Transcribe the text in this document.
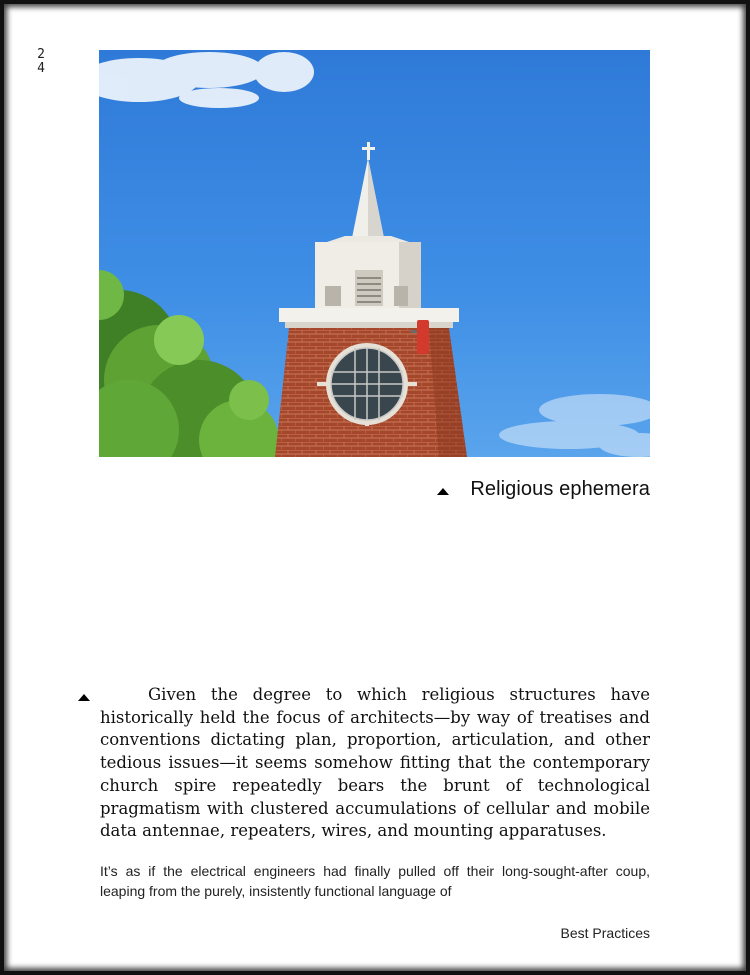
2
4
Religious ephemera
Given the degree to which religious structures have historically held the focus of architects—by way of treatises and conventions dictating plan, proportion, articulation, and other tedious issues—it seems somehow fitting that the contemporary church spire repeatedly bears the brunt of technological pragmatism with clustered accumulations of cellular and mobile data antennae, repeaters, wires, and mounting apparatuses.
It’s as if the electrical engineers had finally pulled off their long-sought-after coup, leaping from the purely, insistently functional language of
Best Practices
